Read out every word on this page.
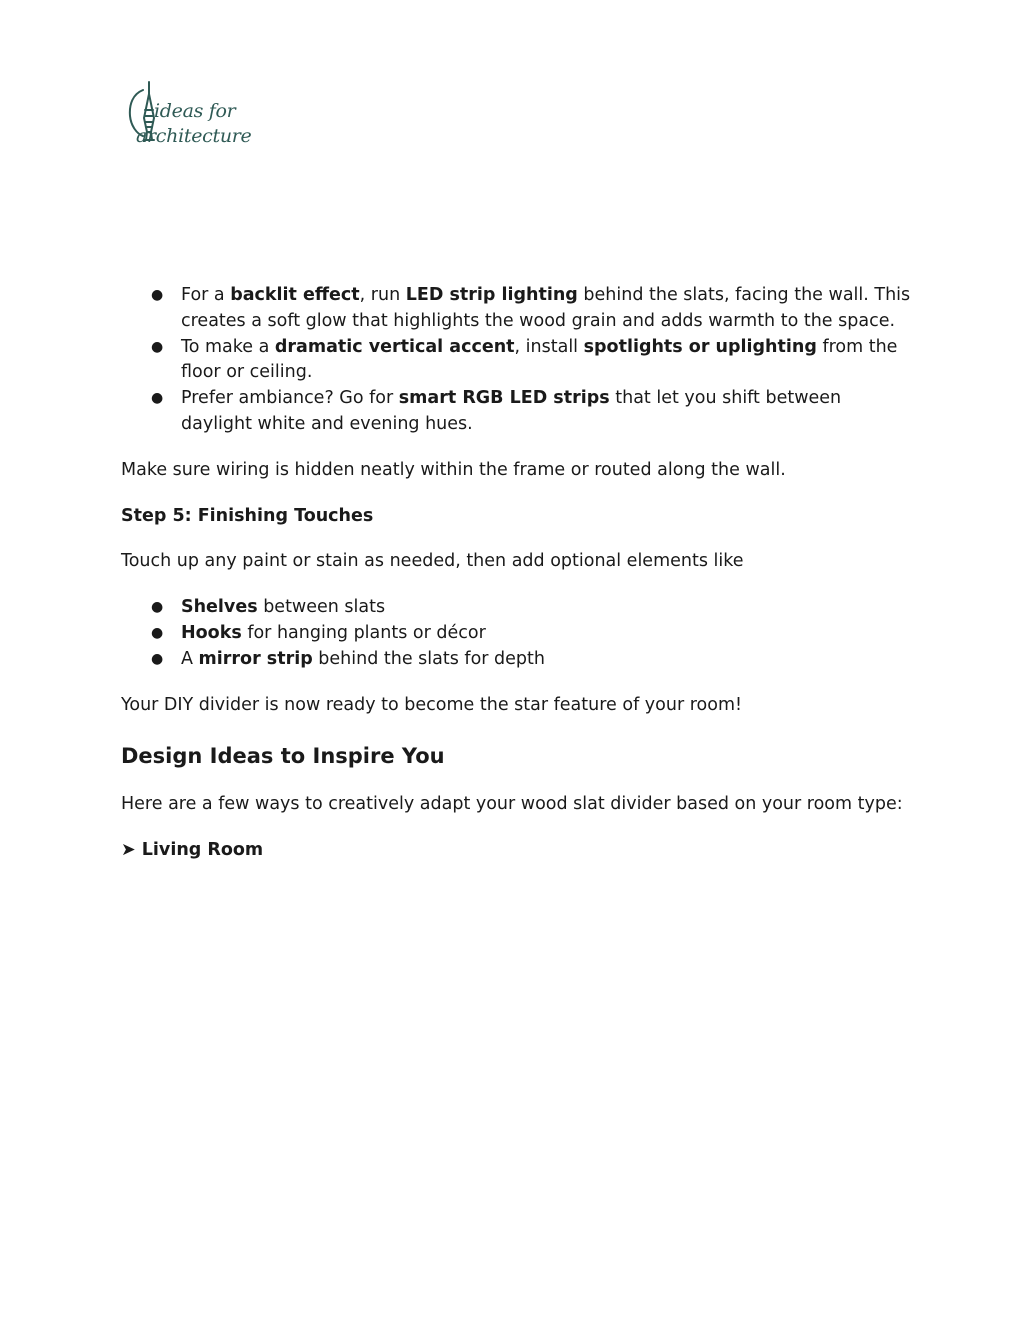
ideas for
architecture
● For a backlit effect, run LED strip lighting behind the slats, facing the wall. This creates a soft glow that highlights the wood grain and adds warmth to the space.
● To make a dramatic vertical accent, install spotlights or uplighting from the floor or ceiling.
● Prefer ambiance? Go for smart RGB LED strips that let you shift between daylight white and evening hues.

Make sure wiring is hidden neatly within the frame or routed along the wall.

Step 5: Finishing Touches

Touch up any paint or stain as needed, then add optional elements like

● Shelves between slats
● Hooks for hanging plants or décor
● A mirror strip behind the slats for depth

Your DIY divider is now ready to become the star feature of your room!

Design Ideas to Inspire You

Here are a few ways to creatively adapt your wood slat divider based on your room type:

➤ Living Room
